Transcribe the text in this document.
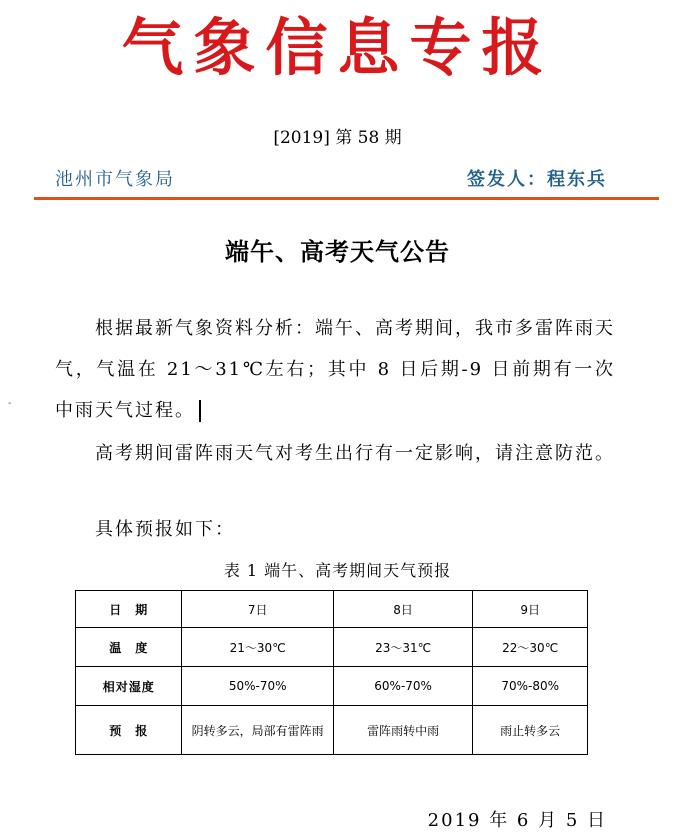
气象信息专报
[2019] 第 58 期
池州市气象局	签发人：程东兵
端午、高考天气公告
-
根据最新气象资料分析：端午、高考期间，我市多雷阵雨天气，气温在 21～31℃左右；其中 8 日后期-9 日前期有一次中雨天气过程。
高考期间雷阵雨天气对考生出行有一定影响，请注意防范。
具体预报如下：
表 1 端午、高考期间天气预报
日　期	7日	8日	9日
温　度	21～30℃	23～31℃	22～30℃
相对湿度	50%-70%	60%-70%	70%-80%
预　报	阴转多云，局部有雷阵雨	雷阵雨转中雨	雨止转多云
2019 年 6 月 5 日
